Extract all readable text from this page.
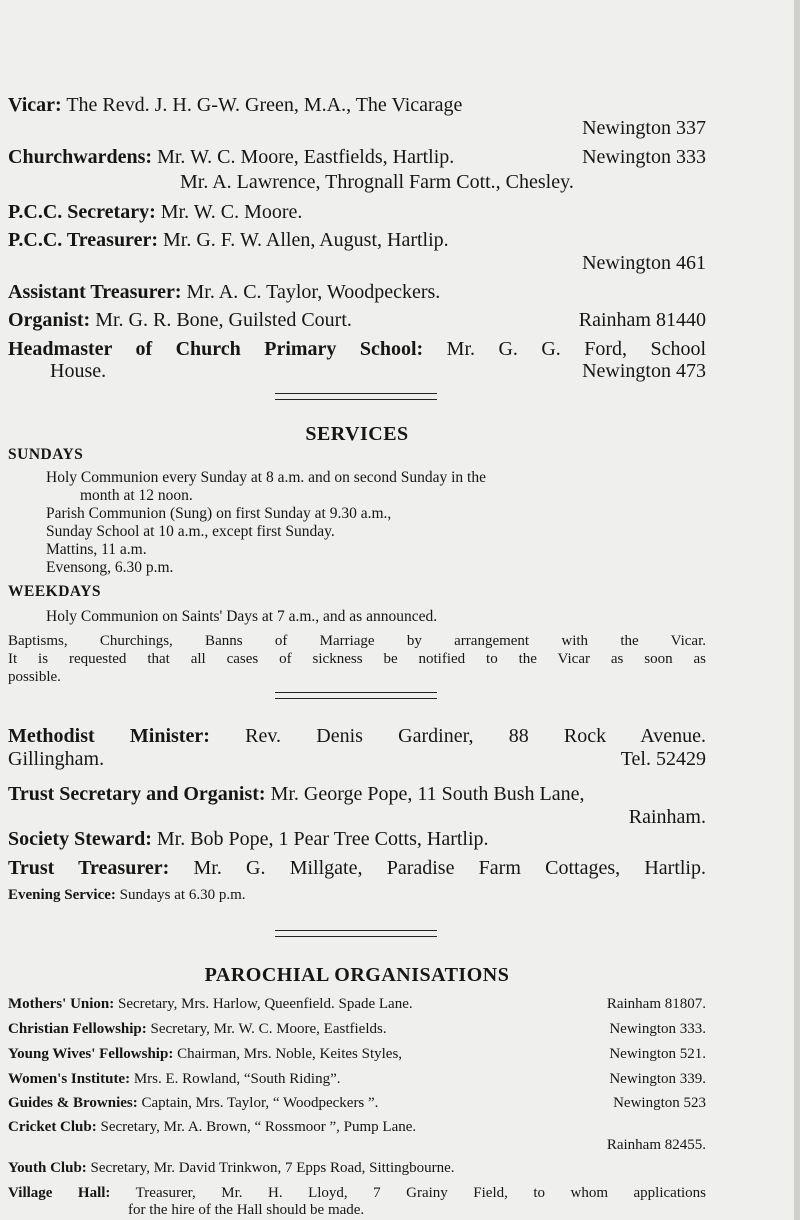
Vicar: The Revd. J. H. G-W. Green, M.A., The Vicarage
Newington 337
Churchwardens: Mr. W. C. Moore, Eastfields, Hartlip.	Newington 333
Mr. A. Lawrence, Thrognall Farm Cott., Chesley.
P.C.C. Secretary: Mr. W. C. Moore.
P.C.C. Treasurer: Mr. G. F. W. Allen, August, Hartlip.
Newington 461
Assistant Treasurer: Mr. A. C. Taylor, Woodpeckers.
Organist: Mr. G. R. Bone, Guilsted Court.	Rainham 81440
Headmaster of Church Primary School: Mr. G. G. Ford, School
House.	Newington 473
SERVICES
SUNDAYS
Holy Communion every Sunday at 8 a.m. and on second Sunday in the
month at 12 noon.
Parish Communion (Sung) on first Sunday at 9.30 a.m.,
Sunday School at 10 a.m., except first Sunday.
Mattins, 11 a.m.
Evensong, 6.30 p.m.
WEEKDAYS
Holy Communion on Saints' Days at 7 a.m., and as announced.
Baptisms, Churchings, Banns of Marriage by arrangement with the Vicar.
It is requested that all cases of sickness be notified to the Vicar as soon as
possible.
Methodist Minister: Rev. Denis Gardiner, 88 Rock Avenue.
Gillingham.	Tel. 52429
Trust Secretary and Organist: Mr. George Pope, 11 South Bush Lane,
Rainham.
Society Steward: Mr. Bob Pope, 1 Pear Tree Cotts, Hartlip.
Trust Treasurer: Mr. G. Millgate, Paradise Farm Cottages, Hartlip.
Evening Service: Sundays at 6.30 p.m.
PAROCHIAL ORGANISATIONS
Mothers' Union: Secretary, Mrs. Harlow, Queenfield. Spade Lane.	Rainham 81807.
Christian Fellowship: Secretary, Mr. W. C. Moore, Eastfields.	Newington 333.
Young Wives' Fellowship: Chairman, Mrs. Noble, Keites Styles,	Newington 521.
Women's Institute: Mrs. E. Rowland, “South Riding”.	Newington 339.
Guides & Brownies: Captain, Mrs. Taylor, “ Woodpeckers ”.	Newington 523
Cricket Club: Secretary, Mr. A. Brown, “ Rossmoor ”, Pump Lane.
Rainham 82455.
Youth Club: Secretary, Mr. David Trinkwon, 7 Epps Road, Sittingbourne.
Village Hall: Treasurer, Mr. H. Lloyd, 7 Grainy Field, to whom applications
for the hire of the Hall should be made.
